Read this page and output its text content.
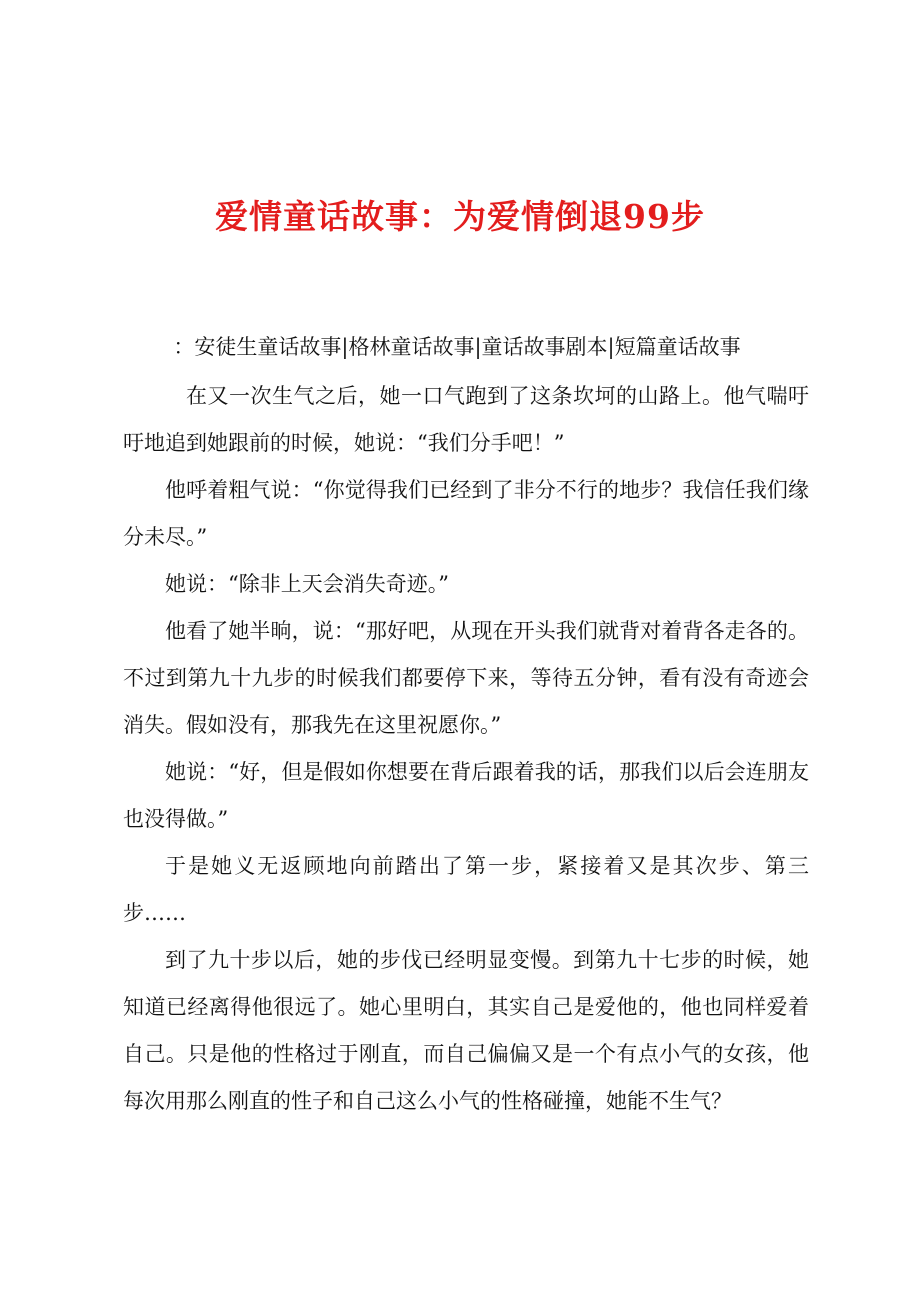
爱情童话故事：为爱情倒退99步

：安徒生童话故事|格林童话故事|童话故事剧本|短篇童话故事

在又一次生气之后，她一口气跑到了这条坎坷的山路上。他气喘吁吁地追到她跟前的时候，她说：“我们分手吧！”

他呼着粗气说：“你觉得我们已经到了非分不行的地步？我信任我们缘分未尽。”

她说：“除非上天会消失奇迹。”

他看了她半晌，说：“那好吧，从现在开头我们就背对着背各走各的。不过到第九十九步的时候我们都要停下来，等待五分钟，看有没有奇迹会消失。假如没有，那我先在这里祝愿你。”

她说：“好，但是假如你想要在背后跟着我的话，那我们以后会连朋友也没得做。”

于是她义无返顾地向前踏出了第一步，紧接着又是其次步、第三步……

到了九十步以后，她的步伐已经明显变慢。到第九十七步的时候，她知道已经离得他很远了。她心里明白，其实自己是爱他的，他也同样爱着自己。只是他的性格过于刚直，而自己偏偏又是一个有点小气的女孩，他每次用那么刚直的性子和自己这么小气的性格碰撞，她能不生气？
